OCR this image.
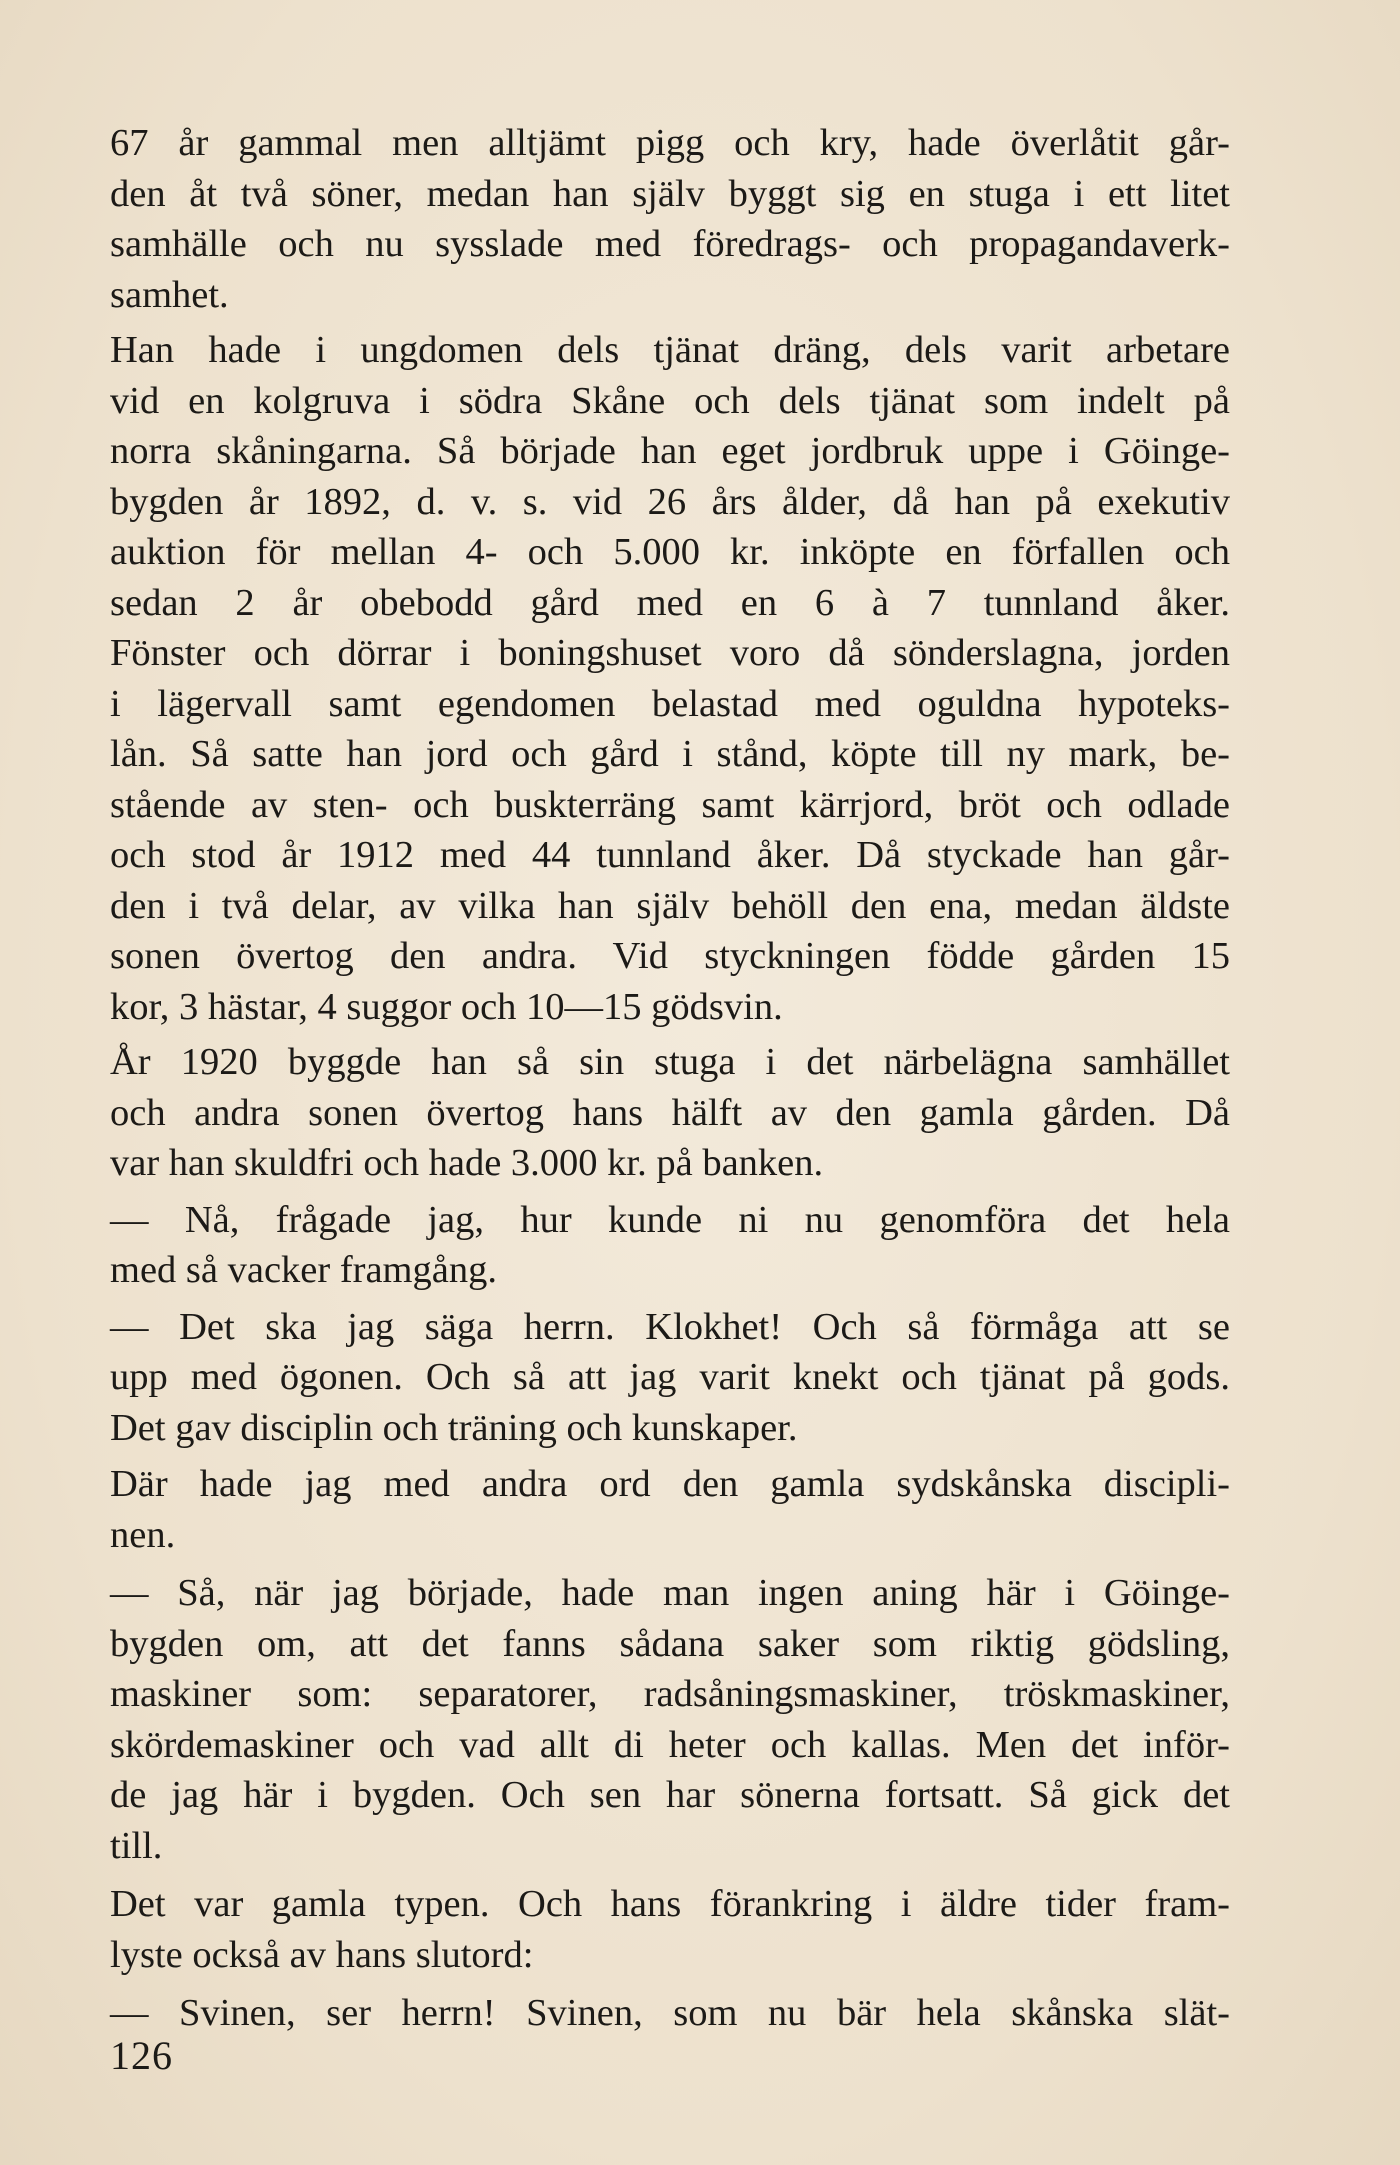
67 år gammal men alltjämt pigg och kry, hade överlåtit går-
den åt två söner, medan han själv byggt sig en stuga i ett litet
samhälle och nu sysslade med föredrags- och propagandaverk-
samhet.
Han hade i ungdomen dels tjänat dräng, dels varit arbetare
vid en kolgruva i södra Skåne och dels tjänat som indelt på
norra skåningarna. Så började han eget jordbruk uppe i Göinge-
bygden år 1892, d. v. s. vid 26 års ålder, då han på exekutiv
auktion för mellan 4- och 5.000 kr. inköpte en förfallen och
sedan 2 år obebodd gård med en 6 à 7 tunnland åker.
Fönster och dörrar i boningshuset voro då sönderslagna, jorden
i lägervall samt egendomen belastad med oguldna hypoteks-
lån. Så satte han jord och gård i stånd, köpte till ny mark, be-
stående av sten- och buskterräng samt kärrjord, bröt och odlade
och stod år 1912 med 44 tunnland åker. Då styckade han går-
den i två delar, av vilka han själv behöll den ena, medan äldste
sonen övertog den andra. Vid styckningen födde gården 15
kor, 3 hästar, 4 suggor och 10—15 gödsvin.
År 1920 byggde han så sin stuga i det närbelägna samhället
och andra sonen övertog hans hälft av den gamla gården. Då
var han skuldfri och hade 3.000 kr. på banken.
— Nå, frågade jag, hur kunde ni nu genomföra det hela
med så vacker framgång.
— Det ska jag säga herrn. Klokhet! Och så förmåga att se
upp med ögonen. Och så att jag varit knekt och tjänat på gods.
Det gav disciplin och träning och kunskaper.
Där hade jag med andra ord den gamla sydskånska discipli-
nen.
— Så, när jag började, hade man ingen aning här i Göinge-
bygden om, att det fanns sådana saker som riktig gödsling,
maskiner som: separatorer, radsåningsmaskiner, tröskmaskiner,
skördemaskiner och vad allt di heter och kallas. Men det inför-
de jag här i bygden. Och sen har sönerna fortsatt. Så gick det
till.
Det var gamla typen. Och hans förankring i äldre tider fram-
lyste också av hans slutord:
— Svinen, ser herrn! Svinen, som nu bär hela skånska slät-
126
